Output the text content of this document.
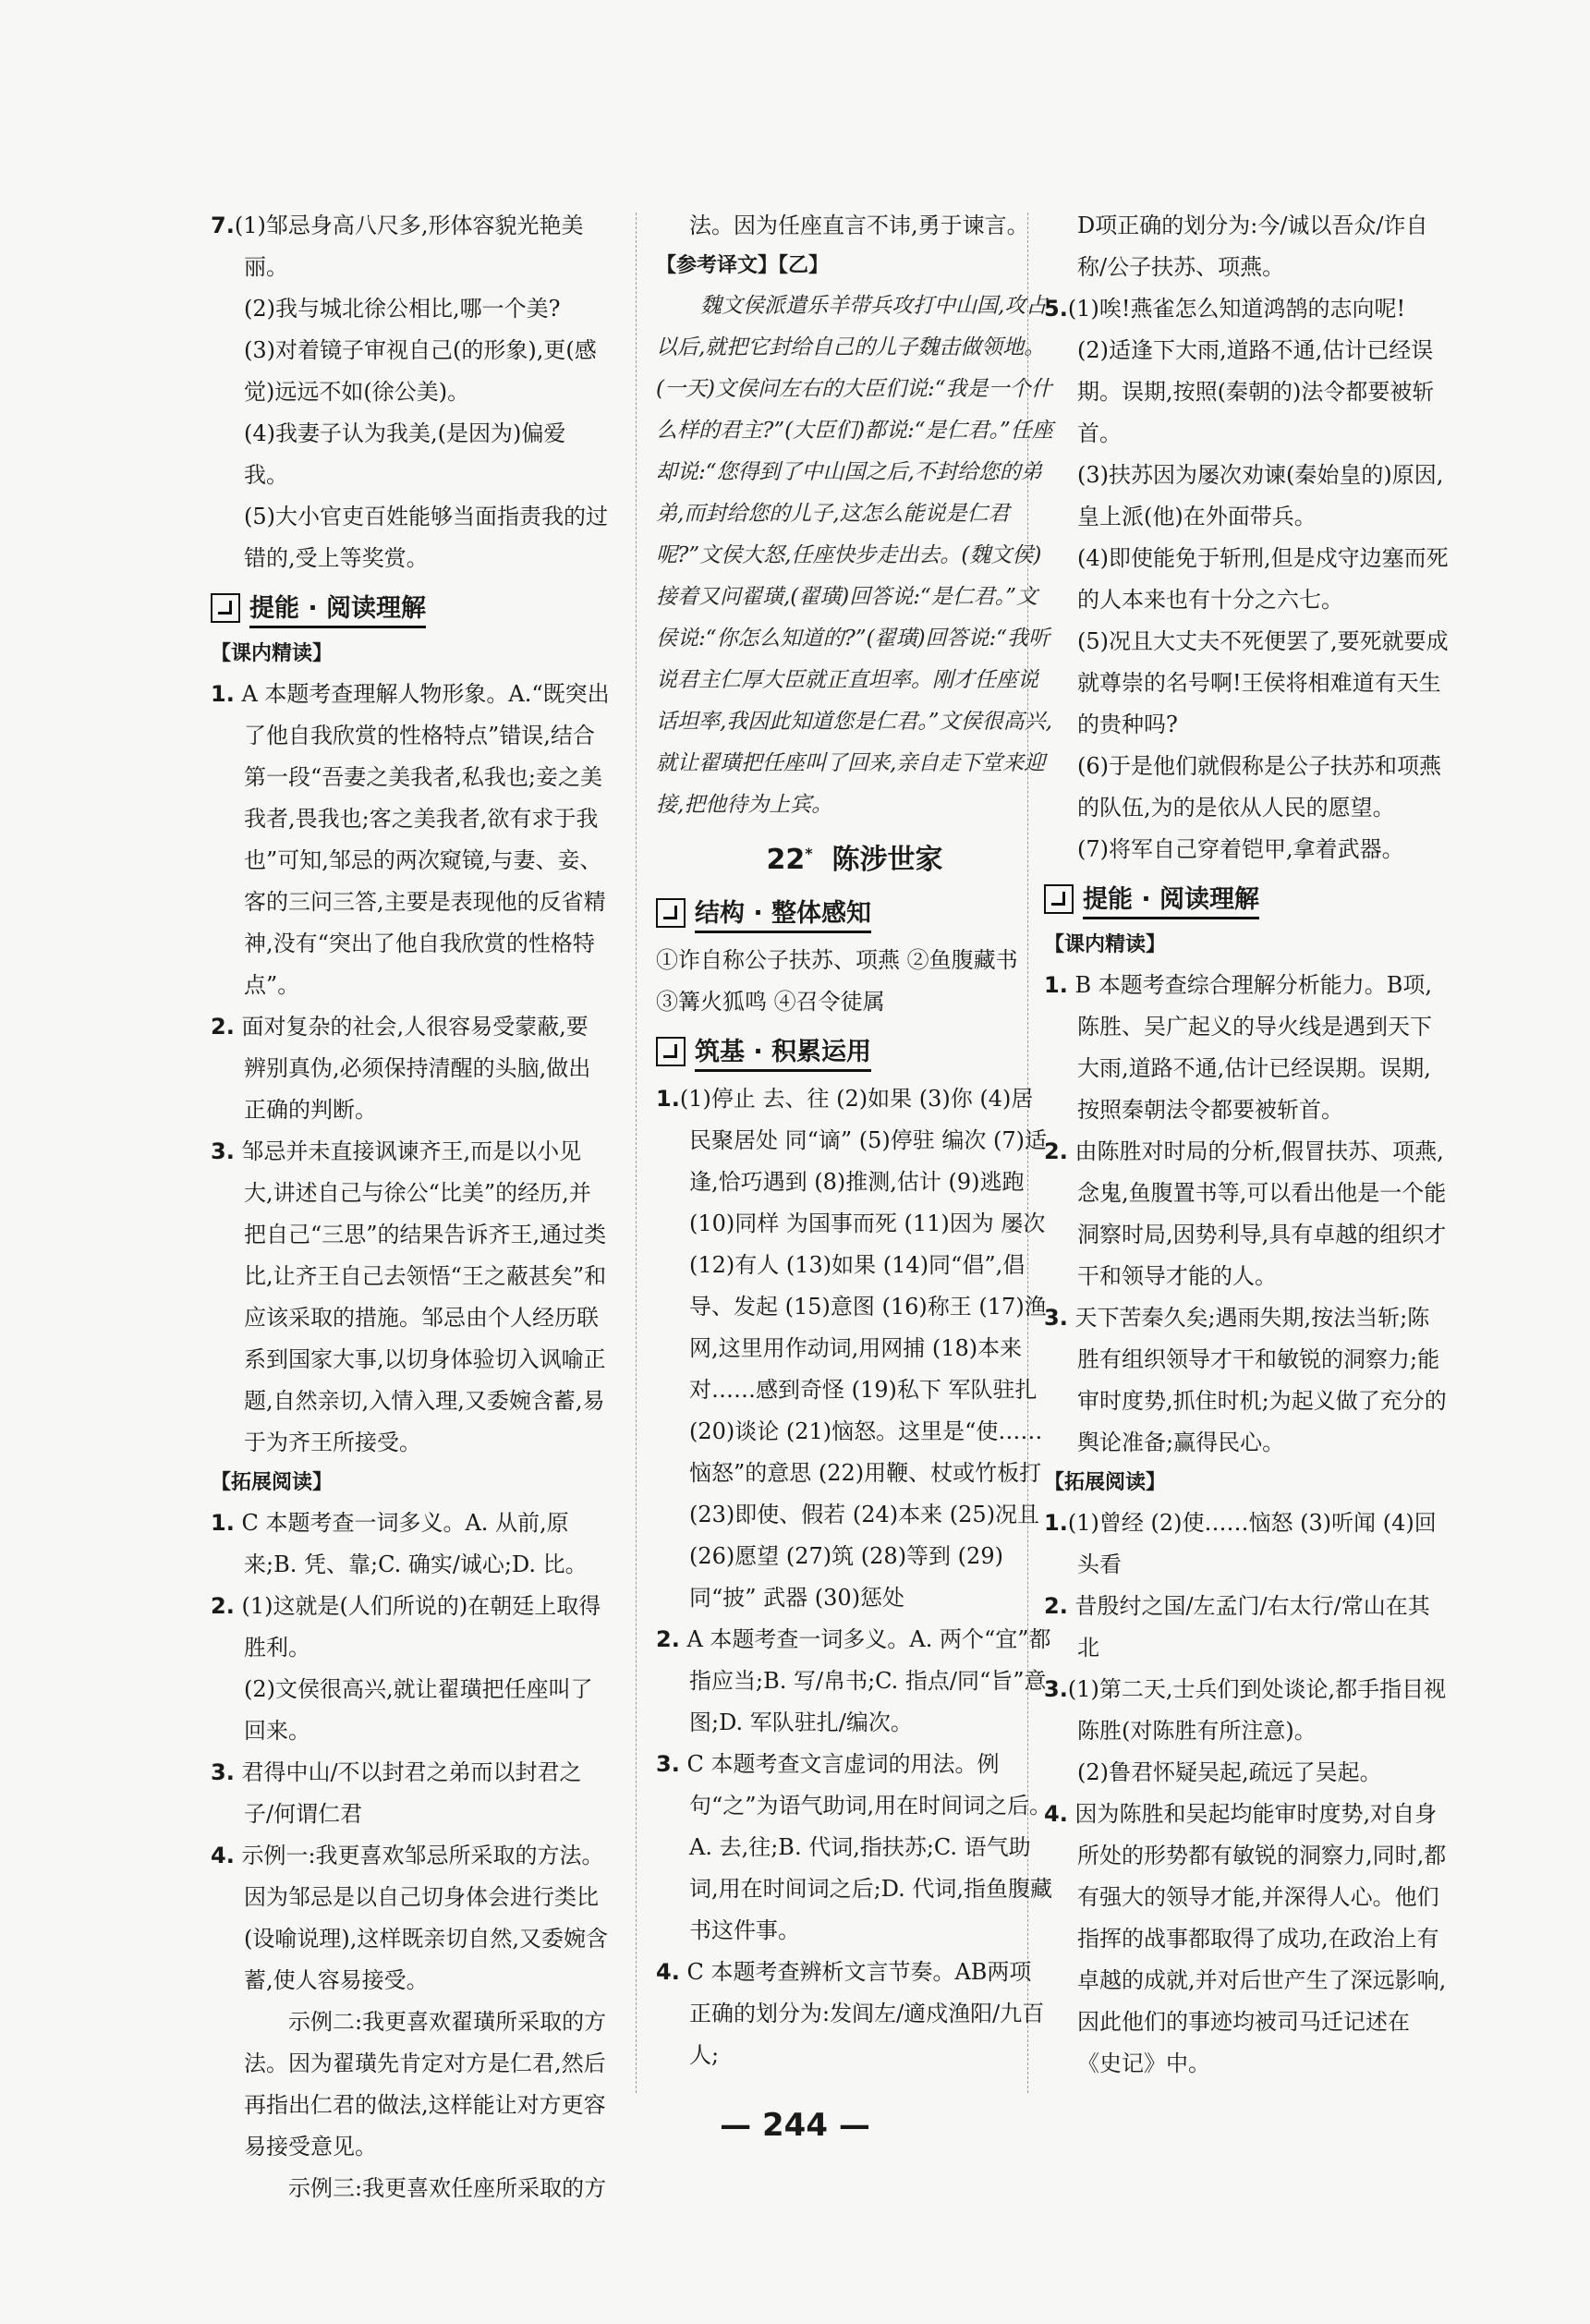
7.(1)邹忌身高八尺多,形体容貌光艳美丽。

(2)我与城北徐公相比,哪一个美?

(3)对着镜子审视自己(的形象),更(感觉)远远不如(徐公美)。

(4)我妻子认为我美,(是因为)偏爱我。

(5)大小官吏百姓能够当面指责我的过错的,受上等奖赏。

提能 · 阅读理解

【课内精读】

1. A 本题考查理解人物形象。A.“既突出了他自我欣赏的性格特点”错误,结合第一段“吾妻之美我者,私我也;妾之美我者,畏我也;客之美我者,欲有求于我也”可知,邹忌的两次窥镜,与妻、妾、客的三问三答,主要是表现他的反省精神,没有“突出了他自我欣赏的性格特点”。

2. 面对复杂的社会,人很容易受蒙蔽,要辨别真伪,必须保持清醒的头脑,做出正确的判断。

3. 邹忌并未直接讽谏齐王,而是以小见大,讲述自己与徐公“比美”的经历,并把自己“三思”的结果告诉齐王,通过类比,让齐王自己去领悟“王之蔽甚矣”和应该采取的措施。邹忌由个人经历联系到国家大事,以切身体验切入讽喻正题,自然亲切,入情入理,又委婉含蓄,易于为齐王所接受。

【拓展阅读】

1. C 本题考查一词多义。A. 从前,原来;B. 凭、靠;C. 确实/诚心;D. 比。

2. (1)这就是(人们所说的)在朝廷上取得胜利。

(2)文侯很高兴,就让翟璜把任座叫了回来。

3. 君得中山/不以封君之弟而以封君之子/何谓仁君

4. 示例一:我更喜欢邹忌所采取的方法。因为邹忌是以自己切身体会进行类比(设喻说理),这样既亲切自然,又委婉含蓄,使人容易接受。

示例二:我更喜欢翟璜所采取的方法。因为翟璜先肯定对方是仁君,然后再指出仁君的做法,这样能让对方更容易接受意见。

示例三:我更喜欢任座所采取的方

法。因为任座直言不讳,勇于谏言。

【参考译文】【乙】

魏文侯派遣乐羊带兵攻打中山国,攻占以后,就把它封给自己的儿子魏击做领地。(一天)文侯问左右的大臣们说:“我是一个什么样的君主?”(大臣们)都说:“是仁君。”任座却说:“您得到了中山国之后,不封给您的弟弟,而封给您的儿子,这怎么能说是仁君呢?”文侯大怒,任座快步走出去。(魏文侯)接着又问翟璜,(翟璜)回答说:“是仁君。”文侯说:“你怎么知道的?”(翟璜)回答说:“我听说君主仁厚大臣就正直坦率。刚才任座说话坦率,我因此知道您是仁君。”文侯很高兴,就让翟璜把任座叫了回来,亲自走下堂来迎接,把他待为上宾。

22* 陈涉世家

结构 · 整体感知

①诈自称公子扶苏、项燕 ②鱼腹藏书

③篝火狐鸣 ④召令徒属

筑基 · 积累运用

1.(1)停止 去、往 (2)如果 (3)你 (4)居民聚居处 同“谪” (5)停驻 编次 (7)适逢,恰巧遇到 (8)推测,估计 (9)逃跑 (10)同样 为国事而死 (11)因为 屡次 (12)有人 (13)如果 (14)同“倡”,倡导、发起 (15)意图 (16)称王 (17)渔网,这里用作动词,用网捕 (18)本来 对……感到奇怪 (19)私下 军队驻扎 (20)谈论 (21)恼怒。这里是“使……恼怒”的意思 (22)用鞭、杖或竹板打 (23)即使、假若 (24)本来 (25)况且 (26)愿望 (27)筑 (28)等到 (29)同“披” 武器 (30)惩处

2. A 本题考查一词多义。A. 两个“宜”都指应当;B. 写/帛书;C. 指点/同“旨”意图;D. 军队驻扎/编次。

3. C 本题考查文言虚词的用法。例句“之”为语气助词,用在时间词之后。A. 去,往;B. 代词,指扶苏;C. 语气助词,用在时间词之后;D. 代词,指鱼腹藏书这件事。

4. C 本题考查辨析文言节奏。AB两项正确的划分为:发闾左/適戍渔阳/九百人;

D项正确的划分为:今/诚以吾众/诈自称/公子扶苏、项燕。

5.(1)唉!燕雀怎么知道鸿鹄的志向呢!

(2)适逢下大雨,道路不通,估计已经误期。误期,按照(秦朝的)法令都要被斩首。

(3)扶苏因为屡次劝谏(秦始皇的)原因,皇上派(他)在外面带兵。

(4)即使能免于斩刑,但是戍守边塞而死的人本来也有十分之六七。

(5)况且大丈夫不死便罢了,要死就要成就尊崇的名号啊!王侯将相难道有天生的贵种吗?

(6)于是他们就假称是公子扶苏和项燕的队伍,为的是依从人民的愿望。

(7)将军自己穿着铠甲,拿着武器。

提能 · 阅读理解

【课内精读】

1. B 本题考查综合理解分析能力。B项,陈胜、吴广起义的导火线是遇到天下大雨,道路不通,估计已经误期。误期,按照秦朝法令都要被斩首。

2. 由陈胜对时局的分析,假冒扶苏、项燕,念鬼,鱼腹置书等,可以看出他是一个能洞察时局,因势利导,具有卓越的组织才干和领导才能的人。

3. 天下苦秦久矣;遇雨失期,按法当斩;陈胜有组织领导才干和敏锐的洞察力;能审时度势,抓住时机;为起义做了充分的舆论准备;赢得民心。

【拓展阅读】

1.(1)曾经 (2)使……恼怒 (3)听闻 (4)回头看

2. 昔殷纣之国/左孟门/右太行/常山在其北

3.(1)第二天,士兵们到处谈论,都手指目视陈胜(对陈胜有所注意)。

(2)鲁君怀疑吴起,疏远了吴起。

4. 因为陈胜和吴起均能审时度势,对自身所处的形势都有敏锐的洞察力,同时,都有强大的领导才能,并深得人心。他们指挥的战事都取得了成功,在政治上有卓越的成就,并对后世产生了深远影响,因此他们的事迹均被司马迁记述在《史记》中。

— 244 —
